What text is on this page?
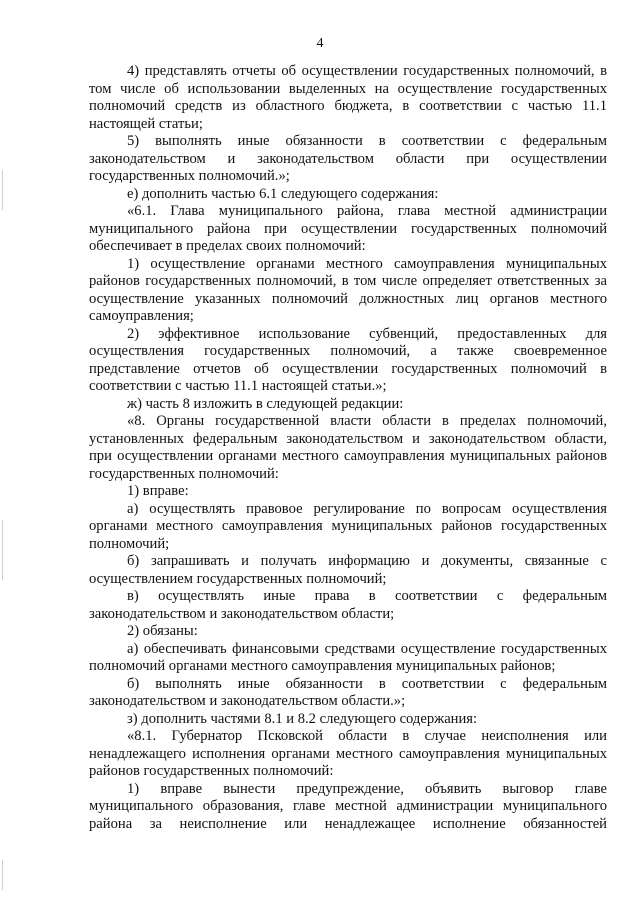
4

4) представлять отчеты об осуществлении государственных полномочий, в том числе об использовании выделенных на осуществление государственных полномочий средств из областного бюджета, в соответствии с частью 11.1 настоящей статьи;

5) выполнять иные обязанности в соответствии с федеральным законодательством и законодательством области при осуществлении государственных полномочий.»;

е) дополнить частью 6.1 следующего содержания:

«6.1. Глава муниципального района, глава местной администрации муниципального района при осуществлении государственных полномочий обеспечивает в пределах своих полномочий:

1) осуществление органами местного самоуправления муниципальных районов государственных полномочий, в том числе определяет ответственных за осуществление указанных полномочий должностных лиц органов местного самоуправления;

2) эффективное использование субвенций, предоставленных для осуществления государственных полномочий, а также своевременное представление отчетов об осуществлении государственных полномочий в соответствии с частью 11.1 настоящей статьи.»;

ж) часть 8 изложить в следующей редакции:

«8. Органы государственной власти области в пределах полномочий, установленных федеральным законодательством и законодательством области, при осуществлении органами местного самоуправления муниципальных районов государственных полномочий:

1) вправе:

а) осуществлять правовое регулирование по вопросам осуществления органами местного самоуправления муниципальных районов государственных полномочий;

б) запрашивать и получать информацию и документы, связанные с осуществлением государственных полномочий;

в) осуществлять иные права в соответствии с федеральным законодательством и законодательством области;

2) обязаны:

а) обеспечивать финансовыми средствами осуществление государственных полномочий органами местного самоуправления муниципальных районов;

б) выполнять иные обязанности в соответствии с федеральным законодательством и законодательством области.»;

з) дополнить частями 8.1 и 8.2 следующего содержания:

«8.1. Губернатор Псковской области в случае неисполнения или ненадлежащего исполнения органами местного самоуправления муниципальных районов государственных полномочий:

1) вправе вынести предупреждение, объявить выговор главе муниципального образования, главе местной администрации муниципального района за неисполнение или ненадлежащее исполнение обязанностей
